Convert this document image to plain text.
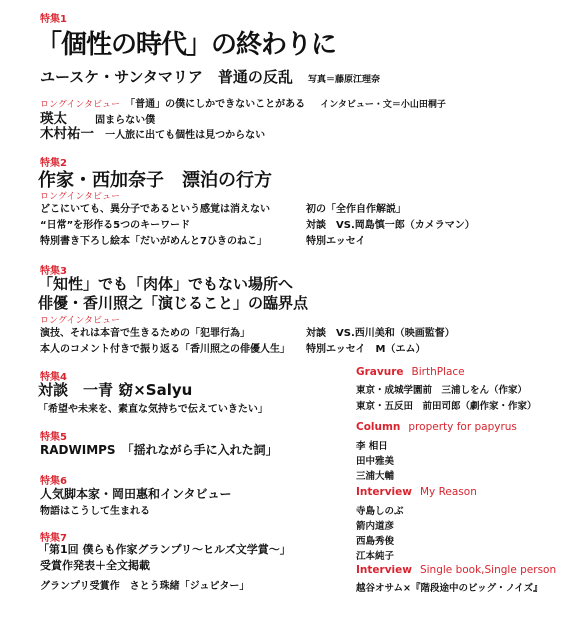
特集1
「個性の時代」の終わりに
ユースケ・サンタマリア　普通の反乱 写真＝藤原江理奈
ロングインタビュー 「普通」の僕にしかできないことがある インタビュー・文＝小山田桐子
瑛太	固まらない僕
木村祐一 一人旅に出ても個性は見つからない
特集2
作家・西加奈子　漂泊の行方
ロングインタビュー
どこにいても、異分子であるという感覚は消えない
“日常”を形作る5つのキーワード
特別書き下ろし絵本「だいがめんと7ひきのねこ」
初の「全作自作解説」
対談　VS.岡島慎一郎（カメラマン）
特別エッセイ
特集3
「知性」でも「肉体」でもない場所へ
俳優・香川照之「演じること」の臨界点
ロングインタビュー
演技、それは本音で生きるための「犯罪行為」
本人のコメント付きで振り返る「香川照之の俳優人生」
対談　VS.西川美和（映画監督）
特別エッセイ　M（エム）
特集4
対談　一青 窈×Salyu
「希望や未来を、素直な気持ちで伝えていきたい」
特集5
RADWIMPS　「揺れながら手に入れた詞」
特集6
人気脚本家・岡田惠和インタビュー
物語はこうして生まれる
特集7
「第1回 僕らも作家グランプリ～ヒルズ文学賞～」
受賞作発表＋全文掲載
グランプリ受賞作　さとう珠緒「ジュピター」
Gravure BirthPlace
東京・成城学園前　三浦しをん（作家）
東京・五反田　前田司郎（劇作家・作家）
Column property for papyrus
李 相日
田中雅美
三浦大輔
Interview My Reason
寺島しのぶ
箭内道彦
西島秀俊
江本純子
Interview Single book,Single person
越谷オサム×『階段途中のビッグ・ノイズ』
